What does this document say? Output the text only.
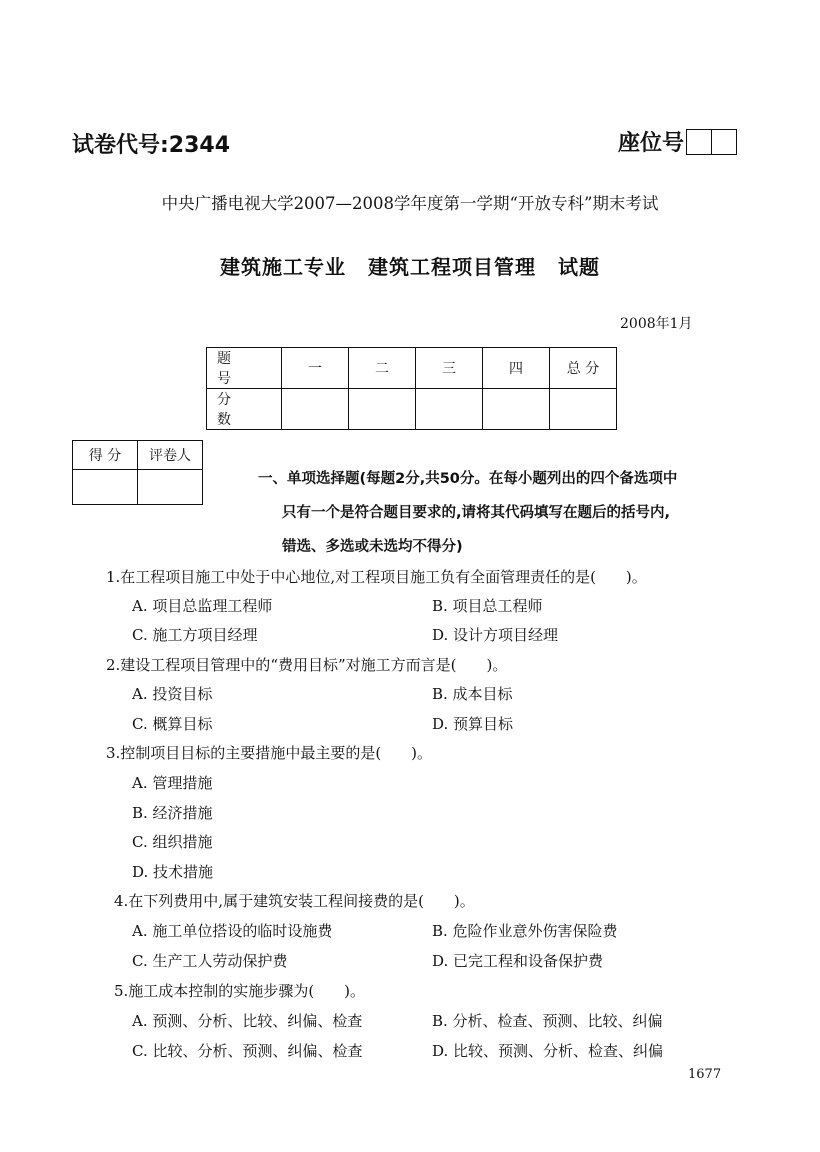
试卷代号:2344	座位号
中央广播电视大学2007—2008学年度第一学期“开放专科”期末考试
建筑施工专业 建筑工程项目管理 试题
2008年1月
题 号	一	二	三	四	总 分
分 数					
得 分	评卷人

一、单项选择题(每题2分,共50分。在每小题列出的四个备选项中
只有一个是符合题目要求的,请将其代码填写在题后的括号内,
错选、多选或未选均不得分)
1.在工程项目施工中处于中心地位,对工程项目施工负有全面管理责任的是(　　)。
A. 项目总监理工程师	B. 项目总工程师
C. 施工方项目经理	D. 设计方项目经理
2.建设工程项目管理中的“费用目标”对施工方而言是(　　)。
A. 投资目标	B. 成本目标
C. 概算目标	D. 预算目标
3.控制项目目标的主要措施中最主要的是(　　)。
A. 管理措施
B. 经济措施
C. 组织措施
D. 技术措施
4.在下列费用中,属于建筑安装工程间接费的是(　　)。
A. 施工单位搭设的临时设施费	B. 危险作业意外伤害保险费
C. 生产工人劳动保护费	D. 已完工程和设备保护费
5.施工成本控制的实施步骤为(　　)。
A. 预测、分析、比较、纠偏、检查	B. 分析、检查、预测、比较、纠偏
C. 比较、分析、预测、纠偏、检查	D. 比较、预测、分析、检查、纠偏
1677
